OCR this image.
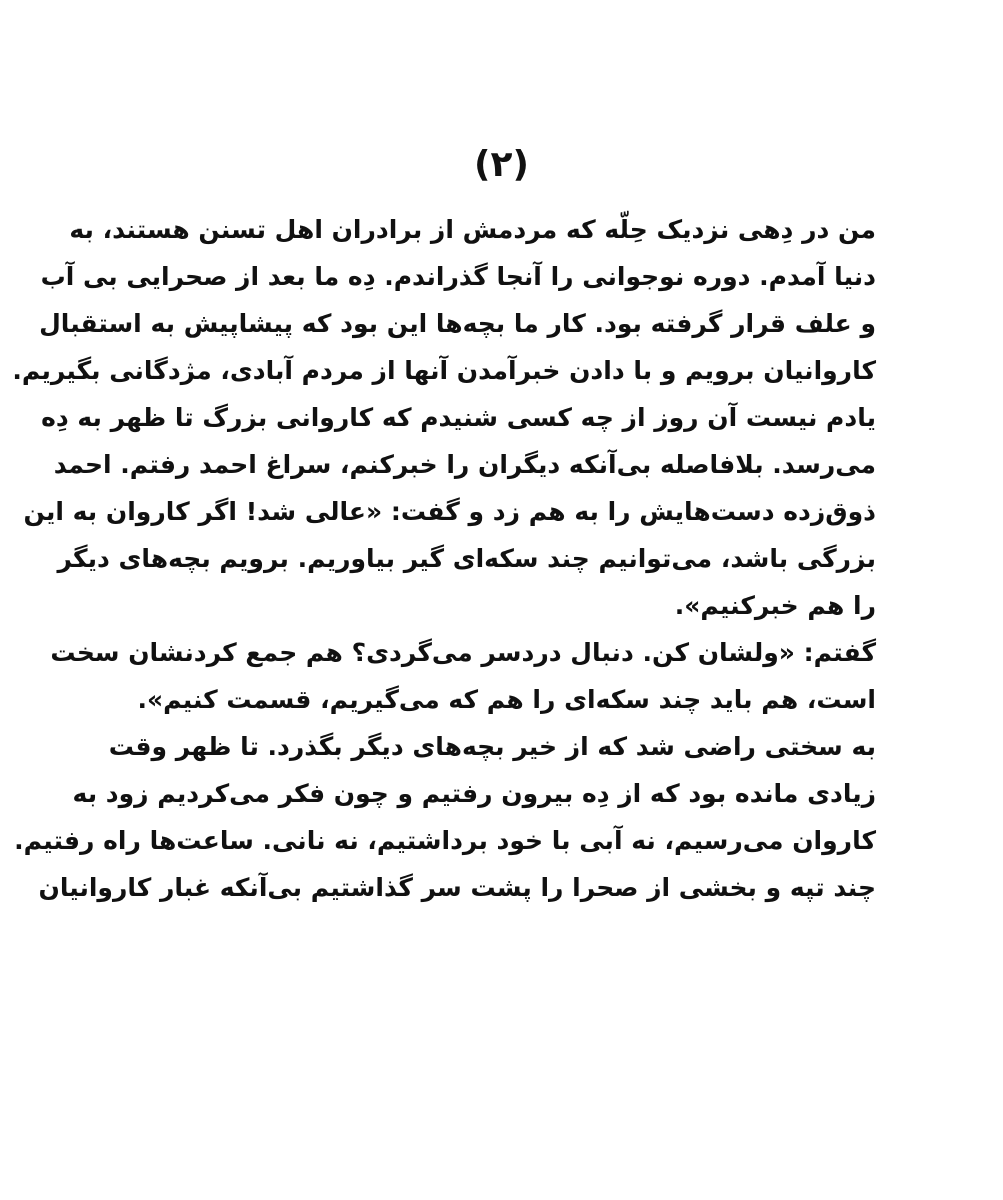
(۲)
من در دِهی نزدیک حِلّه که مردمش از برادران اهل تسنن هستند، به
دنیا آمدم. دوره نوجوانی را آنجا گذراندم. دِه ما بعد از صحرایی بی آب
و علف قرار گرفته بود. کار ما بچه‌ها این بود که پیشاپیش به استقبال
کاروانیان برویم و با دادن خبرآمدن آنها از مردم آبادی، مژدگانی بگیریم.
یادم نیست آن روز از چه کسی شنیدم که کاروانی بزرگ تا ظهر به دِه
می‌رسد. بلافاصله بی‌آنکه دیگران را خبرکنم، سراغ احمد رفتم. احمد
ذوق‌زده دست‌هایش را به هم زد و گفت: «عالی شد! اگر کاروان به این
بزرگی باشد، می‌توانیم چند سکه‌ای گیر بیاوریم. برویم بچه‌های دیگر
را هم خبرکنیم».
گفتم: «ولشان کن. دنبال دردسر می‌گردی؟ هم جمع کردنشان سخت
است، هم باید چند سکه‌ای را هم که می‌گیریم، قسمت کنیم».
به سختی راضی شد که از خیر بچه‌های دیگر بگذرد. تا ظهر وقت
زیادی مانده بود که از دِه بیرون رفتیم و چون فکر می‌کردیم زود به
کاروان می‌رسیم، نه آبی با خود برداشتیم، نه نانی. ساعت‌ها راه رفتیم.
چند تپه و بخشی از صحرا را پشت سر گذاشتیم بی‌آنکه غبار کاروانیان
